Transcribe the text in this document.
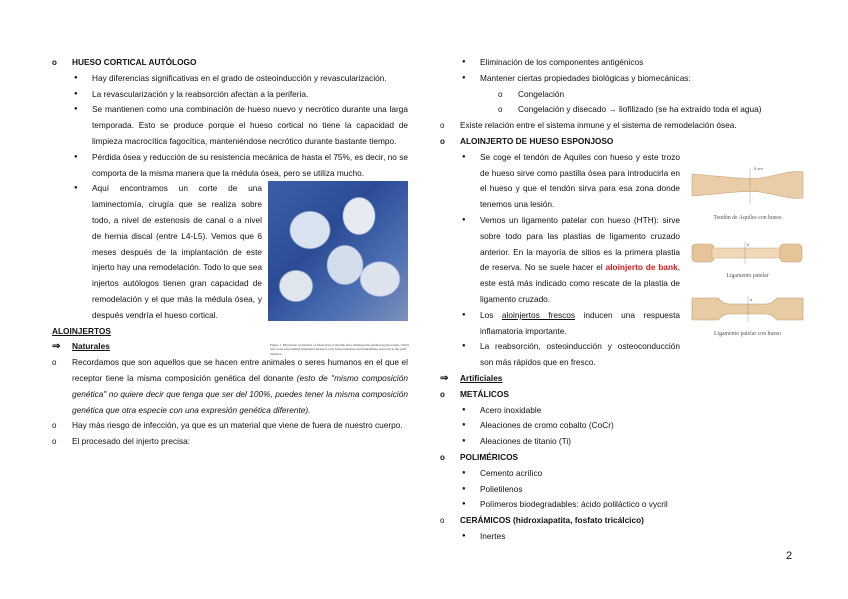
o HUESO CORTICAL AUTÓLOGO
● Hay diferencias significativas en el grado de osteoinducción y revascularización.
● La revascularización y la reabsorción afectan a la periferia.
● Se mantienen como una combinación de hueso nuevo y necrótico durante una larga temporada. Esto se produce porque el hueso cortical no tiene la capacidad de limpieza macrocítica fagocítica, manteniéndose necrótico durante bastante tiempo.
● Pérdida ósea y reducción de su resistencia mecánica de hasta el 75%, es decir, no se comporta de la misma manera que la médula ósea, pero se utiliza mucho.
● Aquí encontramos un corte de una laminectomía, cirugía que se realiza sobre todo, a nivel de estenosis de canal o a nivel de hernia discal (entre L4-L5). Vemos que 6 meses después de la implantación de este injerto hay una remodelación. Todo lo que sea injertos autólogos tienen gran capacidad de remodelación y el que más la médula ósea, y después vendría el hueso cortical.
ALOINJERTOS
⇒ Naturales
o Recordamos que son aquellos que se hacen entre animales o seres humanos en el que el receptor tiene la misma composición genética del donante (esto de "mismo composición genética" no quiere decir que tenga que ser del 100%, puedes tener la misma composición genética que otra especie con una expresión genética diferente).
o Hay más riesgo de infección, ya que es un material que viene de fuera de nuestro cuerpo.
o El procesado del injerto precisa:
Figure 1. Histologic evaluation of fused bone 6 months after laminectomy (hematoxylin-eosin). Viable new bone surrounding implanted material; new bone formation and remodeling observed at the graft interface.
● Eliminación de los componentes antigénicos
● Mantener ciertas propiedades biológicas y biomecánicas:
o Congelación
o Congelación y disecado → liofilizado (se ha extraído toda el agua)
o Existe relación entre el sistema inmune y el sistema de remodelación ósea.
o ALOINJERTO DE HUESO ESPONJOSO
● Se coge el tendón de Aquiles con hueso y este trozo de hueso sirve como pastilla ósea para introducirla en el hueso y que el tendón sirva para esa zona donde tenemos una lesión.
● Vemos un ligamento patelar con hueso (HTH): sirve sobre todo para las plastias de ligamento cruzado anterior. En la mayoría de sitios es la primera plastia de reserva. No se suele hacer el aloinjerto de bank, este está más indicado como rescate de la plastia de ligamento cruzado.
● Los aloinjertos frescos inducen una respuesta inflamatoria importante.
● La reabsorción, osteoinducción y osteoconducción son más rápidos que en fresco.
⇒ Artificiales
o METÁLICOS
● Acero inoxidable
● Aleaciones de cromo cobalto (CoCr)
● Aleaciones de titanio (Ti)
o POLIMÉRICOS
● Cemento acrílico
● Polietilenos
● Polímeros biodegradables: ácido poliláctico o vycril
o CERÁMICOS (hidroxiapatita, fosfato tricálcico)
● Inertes
5 cm
Tendón de Aquiles con hueso
b
Ligamento patelar
a
Ligamento patelar con hueso
2
